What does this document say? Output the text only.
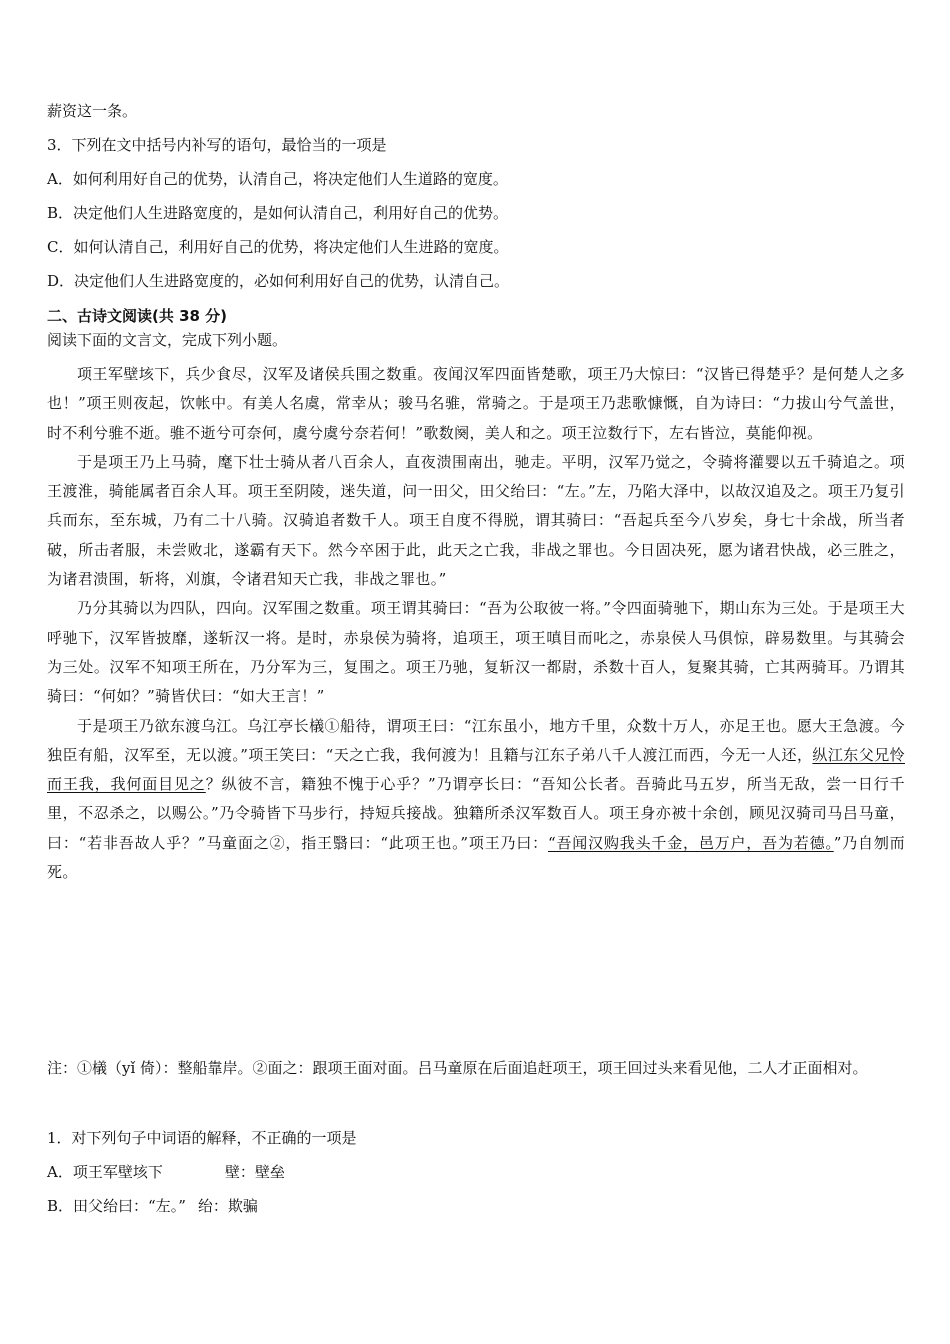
薪资这一条。
3．下列在文中括号内补写的语句，最恰当的一项是
A．如何利用好自己的优势，认清自己，将决定他们人生道路的宽度。
B．决定他们人生进路宽度的，是如何认清自己，利用好自己的优势。
C．如何认清自己，利用好自己的优势，将决定他们人生进路的宽度。
D．决定他们人生进路宽度的，必如何利用好自己的优势，认清自己。
二、古诗文阅读(共 38 分)
阅读下面的文言文，完成下列小题。

项王军壁垓下，兵少食尽，汉军及诸侯兵围之数重。夜闻汉军四面皆楚歌，项王乃大惊曰：“汉皆已得楚乎？是何楚人之多也！”项王则夜起，饮帐中。有美人名虞，常幸从；骏马名骓，常骑之。于是项王乃悲歌慷慨，自为诗曰：“力拔山兮气盖世，时不利兮骓不逝。骓不逝兮可奈何，虞兮虞兮奈若何！”歌数阕，美人和之。项王泣数行下，左右皆泣，莫能仰视。

于是项王乃上马骑，麾下壮士骑从者八百余人，直夜溃围南出，驰走。平明，汉军乃觉之，令骑将灌婴以五千骑追之。项王渡淮，骑能属者百余人耳。项王至阴陵，迷失道，问一田父，田父绐曰：“左。”左，乃陷大泽中，以故汉追及之。项王乃复引兵而东，至东城，乃有二十八骑。汉骑追者数千人。项王自度不得脱，谓其骑曰：“吾起兵至今八岁矣，身七十余战，所当者破，所击者服，未尝败北，遂霸有天下。然今卒困于此，此天之亡我，非战之罪也。今日固决死，愿为诸君快战，必三胜之，为诸君溃围，斩将，刈旗，令诸君知天亡我，非战之罪也。”

乃分其骑以为四队，四向。汉军围之数重。项王谓其骑曰：“吾为公取彼一将。”令四面骑驰下，期山东为三处。于是项王大呼驰下，汉军皆披靡，遂斩汉一将。是时，赤泉侯为骑将，追项王，项王嗔目而叱之，赤泉侯人马俱惊，辟易数里。与其骑会为三处。汉军不知项王所在，乃分军为三，复围之。项王乃驰，复斩汉一都尉，杀数十百人，复聚其骑，亡其两骑耳。乃谓其骑曰：“何如？”骑皆伏曰：“如大王言！”

于是项王乃欲东渡乌江。乌江亭长檥①船待，谓项王曰：“江东虽小，地方千里，众数十万人，亦足王也。愿大王急渡。今独臣有船，汉军至，无以渡。”项王笑曰：“天之亡我，我何渡为！且籍与江东子弟八千人渡江而西，今无一人还，纵江东父兄怜而王我，我何面目见之？纵彼不言，籍独不愧于心乎？”乃谓亭长曰：“吾知公长者。吾骑此马五岁，所当无敌，尝一日行千里，不忍杀之，以赐公。”乃令骑皆下马步行，持短兵接战。独籍所杀汉军数百人。项王身亦被十余创，顾见汉骑司马吕马童，曰：“若非吾故人乎？”马童面之②，指王翳曰：“此项王也。”项王乃曰：“吾闻汉购我头千金，邑万户，吾为若德。”乃自刎而死。

注：①檥（yǐ 倚）：整船靠岸。②面之：跟项王面对面。吕马童原在后面追赶项王，项王回过头来看见他，二人才正面相对。
1．对下列句子中词语的解释，不正确的一项是
A．项王军壁垓下	壁：壁垒
B．田父绐曰：“左。” 绐：欺骗
